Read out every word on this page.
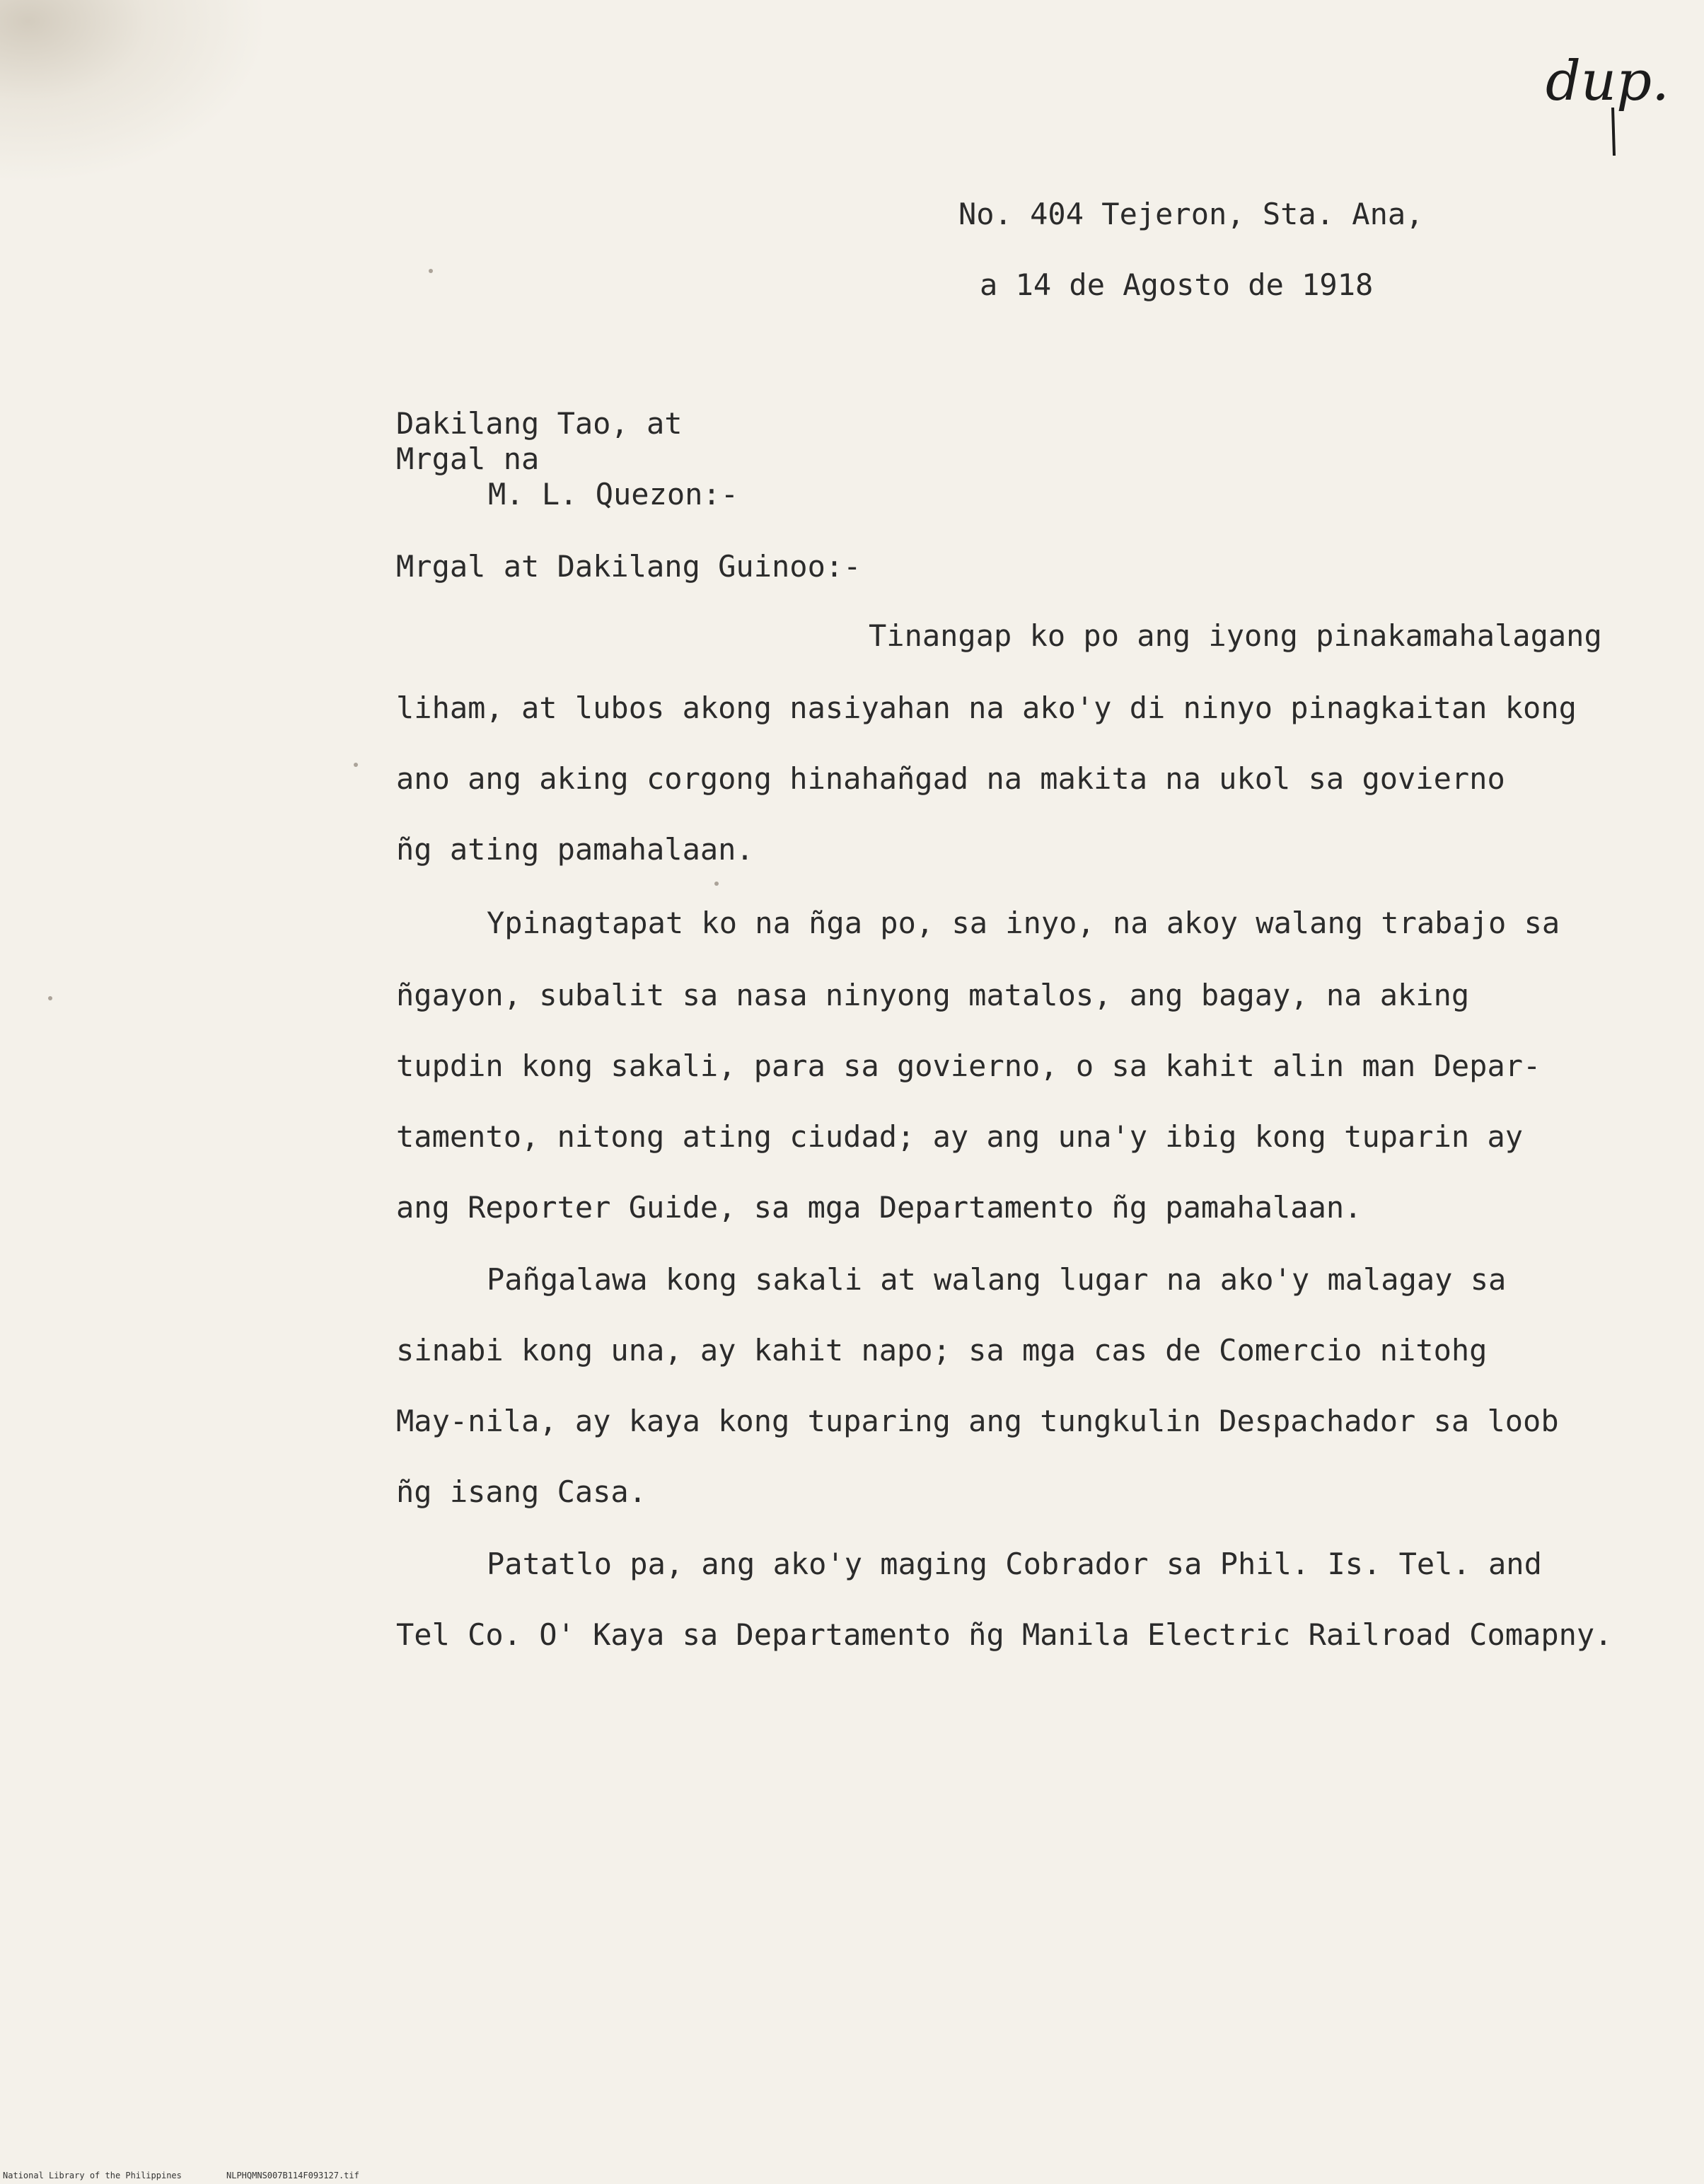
dup.
No. 404 Tejeron, Sta. Ana,
a 14 de Agosto de 1918
Dakilang Tao, at
Mrgal na
M. L. Quezon:-
Mrgal at Dakilang Guinoo:-
Tinangap ko po ang iyong pinakamahalagang
liham, at lubos akong nasiyahan na ako'y di ninyo pinagkaitan kong
ano ang aking corgong hinahañgad na makita na ukol sa govierno
ñg ating pamahalaan.
Ypinagtapat ko na ñga po, sa inyo, na akoy walang trabajo sa
ñgayon, subalit sa nasa ninyong matalos, ang bagay, na aking
tupdin kong sakali, para sa govierno, o sa kahit alin man Depar-
tamento, nitong ating ciudad; ay ang una'y ibig kong tuparin ay
ang Reporter Guide, sa mga Departamento ñg pamahalaan.
Pañgalawa kong sakali at walang lugar na ako'y malagay sa
sinabi kong una, ay kahit napo; sa mga cas de Comercio nitohg
May-nila, ay kaya kong tuparing ang tungkulin Despachador sa loob
ñg isang Casa.
Patatlo pa, ang ako'y maging Cobrador sa Phil. Is. Tel. and
Tel Co. O' Kaya sa Departamento ñg Manila Electric Railroad Comapny.
National Library of the Philippines	NLPHQMNS007B114F093127.tif
